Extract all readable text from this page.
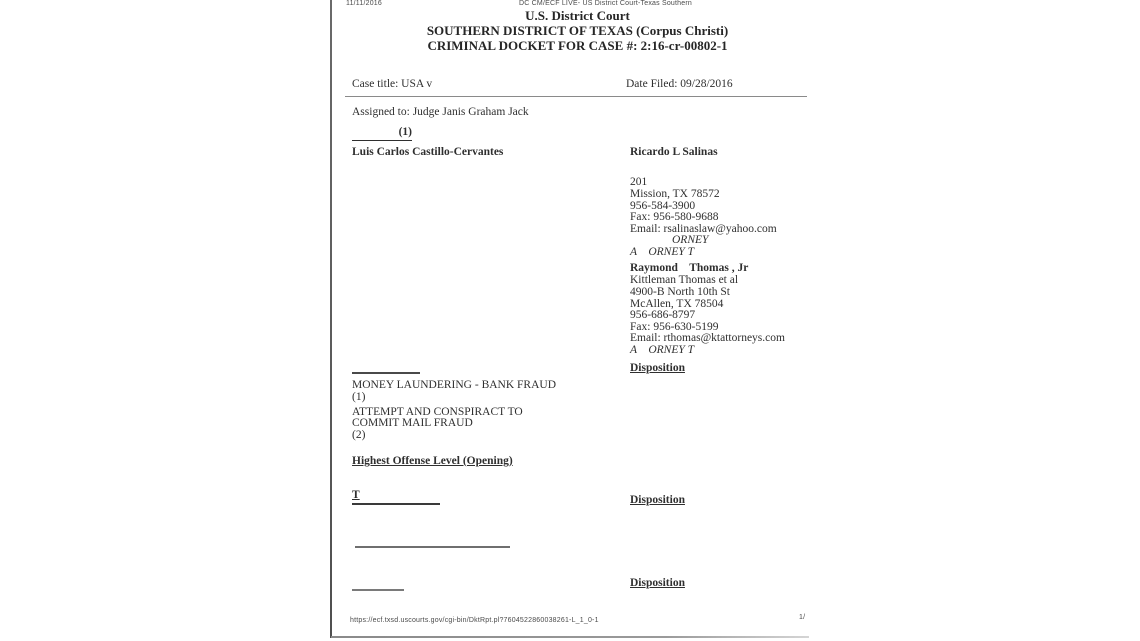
11/11/2016	DC CM/ECF LIVE- US District Court-Texas Southern
U.S. District Court
SOUTHERN DISTRICT OF TEXAS (Corpus Christi)
CRIMINAL DOCKET FOR CASE #: 2:16-cr-00802-1
Case title: USA v	Date Filed: 09/28/2016
Assigned to: Judge Janis Graham Jack
(1)
Luis Carlos Castillo-Cervantes	Ricardo L Salinas
201
Mission, TX 78572
956-584-3900
Fax: 956-580-9688
Email: rsalinaslaw@yahoo.com
ORNEY
A    ORNEY T
Raymond    Thomas , Jr
Kittleman Thomas et al
4900-B North 10th St
McAllen, TX 78504
956-686-8797
Fax: 956-630-5199
Email: rthomas@ktattorneys.com
A    ORNEY T
Disposition
MONEY LAUNDERING - BANK FRAUD
(1)
ATTEMPT AND CONSPIRACT TO
COMMIT MAIL FRAUD
(2)
Highest Offense Level (Opening)
T	Disposition
Disposition
https://ecf.txsd.uscourts.gov/cgi-bin/DktRpt.pl?7604522860038261-L_1_0-1	1/
